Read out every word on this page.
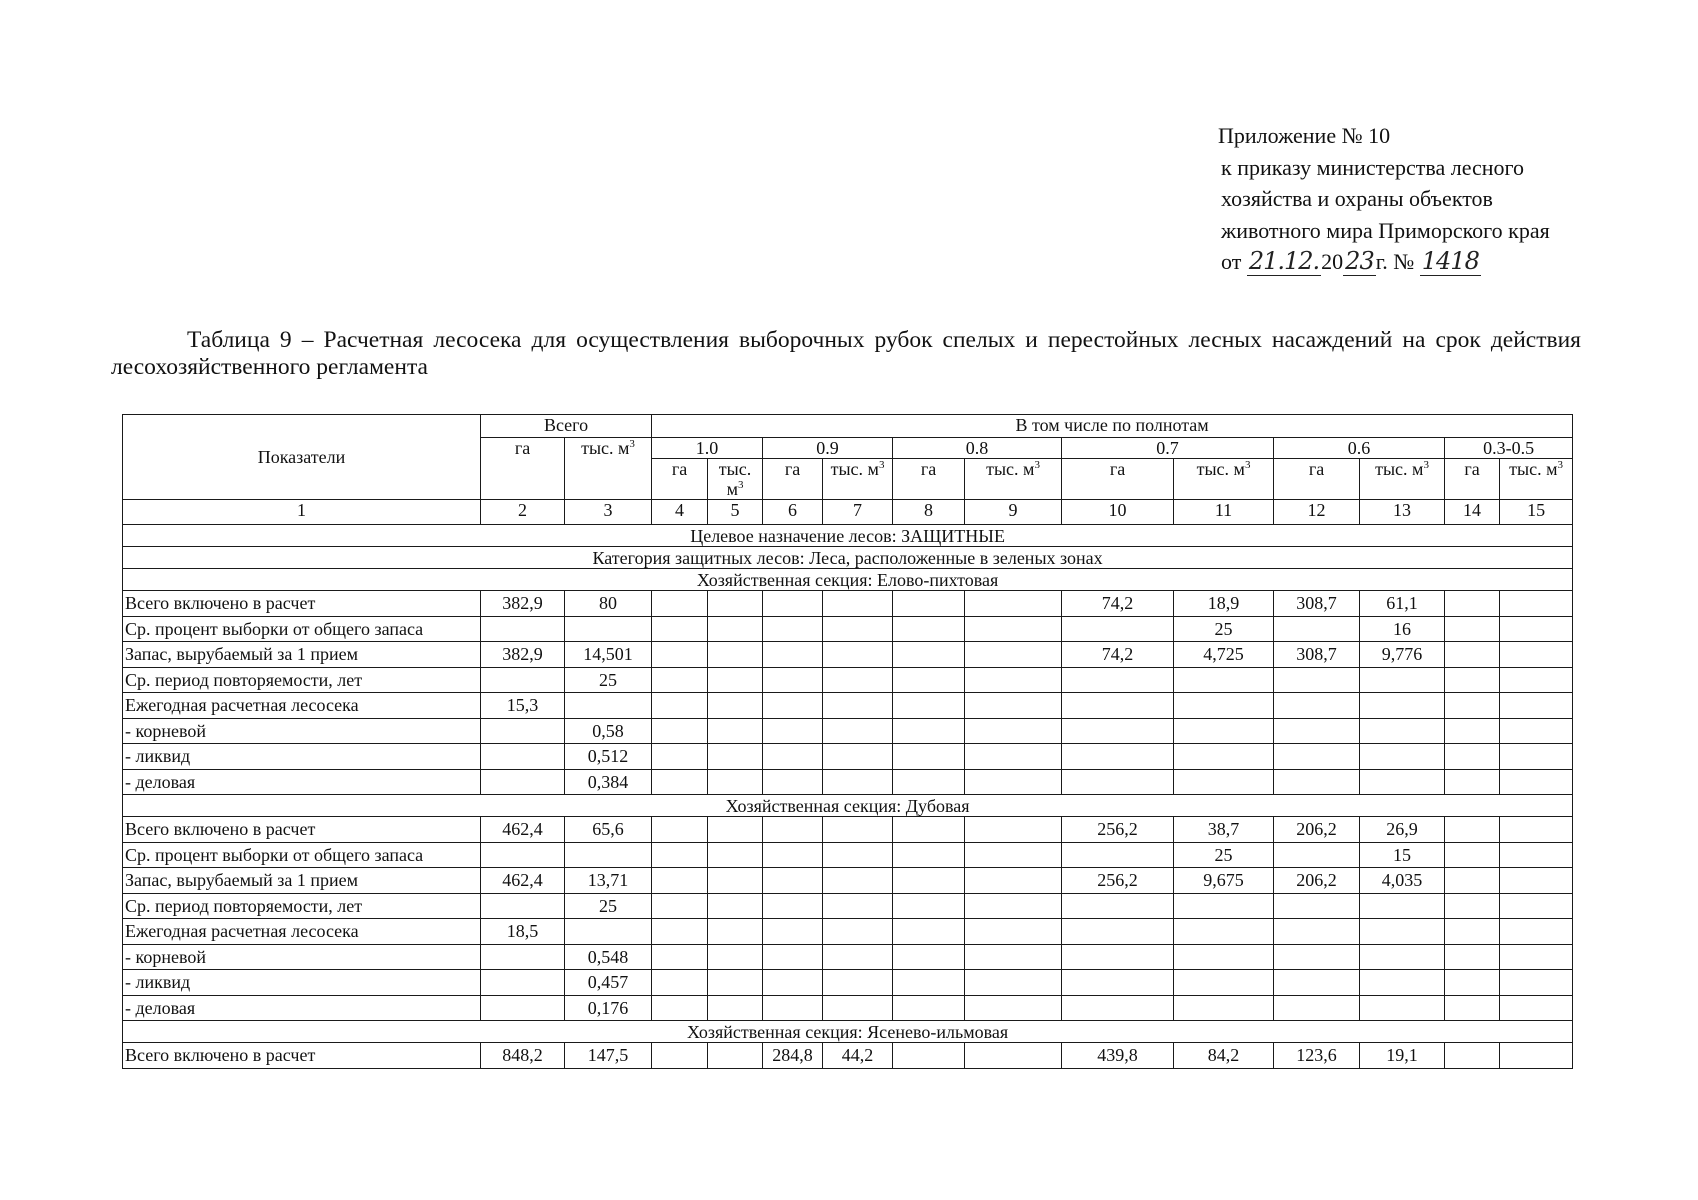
Приложение № 10
к приказу министерства лесного
хозяйства и охраны объектов
животного мира Приморского края
от 21.12.2023г. № 1418
Таблица 9 – Расчетная лесосека для осуществления выборочных рубок спелых и перестойных лесных насаждений на срок действия лесохозяйственного регламента
Показатели	Всего		В том числе по полнотам											
	га	тыс. $м^3$	1.0		0.9		0.8		0.7		0.6		0.3-0.5	
			га	тыс. $м^3$	га	тыс. $м^3$	га	тыс. $м^3$	га	тыс. $м^3$	га	тыс. $м^3$	га	тыс. $м^3$
1	2	3	4	5	6	7	8	9	10	11	12	13	14	15
Целевое назначение лесов: ЗАЩИТНЫЕ														
Категория защитных лесов: Леса, расположенные в зеленых зонах														
Хозяйственная секция: Елово-пихтовая														
Всего включено в расчет	382,9	80							74,2	18,9	308,7	61,1		
Ср. процент выборки от общего запаса										25		16		
Запас, вырубаемый за 1 прием	382,9	14,501							74,2	4,725	308,7	9,776		
Ср. период повторяемости, лет		25												
Ежегодная расчетная лесосека	15,3													
- корневой		0,58												
- ликвид		0,512												
- деловая		0,384												
Хозяйственная секция: Дубовая														
Всего включено в расчет	462,4	65,6							256,2	38,7	206,2	26,9		
Ср. процент выборки от общего запаса										25		15		
Запас, вырубаемый за 1 прием	462,4	13,71							256,2	9,675	206,2	4,035		
Ср. период повторяемости, лет		25												
Ежегодная расчетная лесосека	18,5													
- корневой		0,548												
- ликвид		0,457												
- деловая		0,176												
Хозяйственная секция: Ясенево-ильмовая														
Всего включено в расчет	848,2	147,5			284,8	44,2			439,8	84,2	123,6	19,1		
